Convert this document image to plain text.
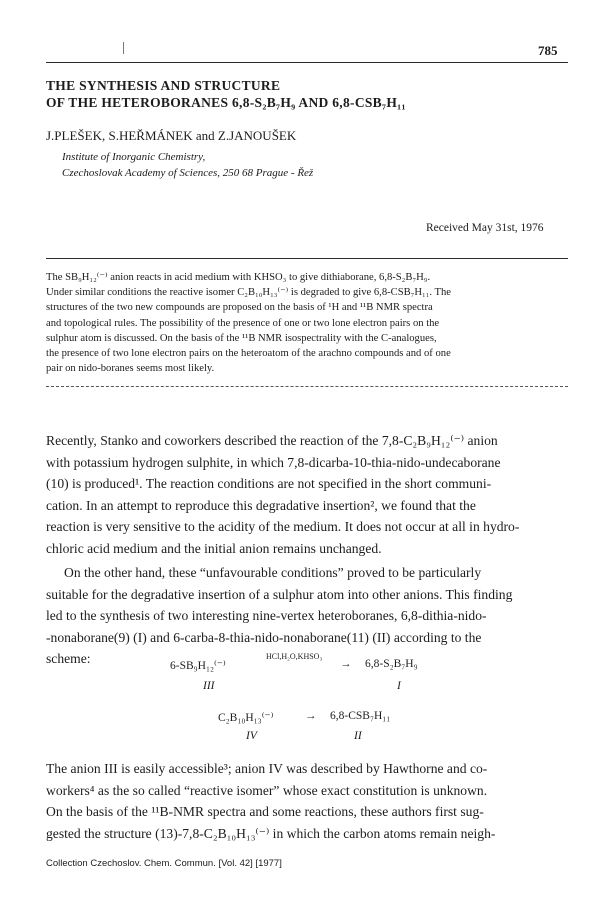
785
THE SYNTHESIS AND STRUCTURE
OF THE HETEROBORANES 6,8-S₂B₇H₉ AND 6,8-CSB₇H₁₁
J.PLEŠEK, S.HEŘMÁNEK and Z.JANOUŠEK
Institute of Inorganic Chemistry,
Czechoslovak Academy of Sciences, 250 68 Prague - Řež
Received May 31st, 1976
The SB₉H₁₂⁽⁻⁾ anion reacts in acid medium with KHSO₃ to give dithiaborane, 6,8-S₂B₇H₉.
Under similar conditions the reactive isomer C₂B₁₀H₁₃⁽⁻⁾ is degraded to give 6,8-CSB₇H₁₁. The
structures of the two new compounds are proposed on the basis of ¹H and ¹¹B NMR spectra
and topological rules. The possibility of the presence of one or two lone electron pairs on the
sulphur atom is discussed. On the basis of the ¹¹B NMR isospectrality with the C-analogues,
the presence of two lone electron pairs on the heteroatom of the arachno compounds and of one
pair on nido-boranes seems most likely.
Recently, Stanko and coworkers described the reaction of the 7,8-C₂B₉H₁₂⁽⁻⁾ anion
with potassium hydrogen sulphite, in which 7,8-dicarba-10-thia-nido-undecaborane
(10) is produced¹. The reaction conditions are not specified in the short communi-
cation. In an attempt to reproduce this degradative insertion², we found that the
reaction is very sensitive to the acidity of the medium. It does not occur at all in hydro-
chloric acid medium and the initial anion remains unchanged.
On the other hand, these “unfavourable conditions” proved to be particularly
suitable for the degradative insertion of a sulphur atom into other anions. This finding
led to the synthesis of two interesting nine-vertex heteroboranes, 6,8-dithia-nido-
-nonaborane(9) (I) and 6-carba-8-thia-nido-nonaborane(11) (II) according to the
scheme:	6-SB₉H₁₂⁽⁻⁾
HCl,H₂O,KHSO₃
→ 6,8-S₂B₇H₉
III	I
C₂B₁₀H₁₃⁽⁻⁾	→ 6,8-CSB₇H₁₁
IV	II
The anion III is easily accessible³; anion IV was described by Hawthorne and co-
workers⁴ as the so called “reactive isomer” whose exact constitution is unknown.
On the basis of the ¹¹B-NMR spectra and some reactions, these authors first sug-
gested the structure (13)-7,8-C₂B₁₀H₁₃⁽⁻⁾ in which the carbon atoms remain neigh-
Collection Czechoslov. Chem. Commun. [Vol. 42] [1977]
